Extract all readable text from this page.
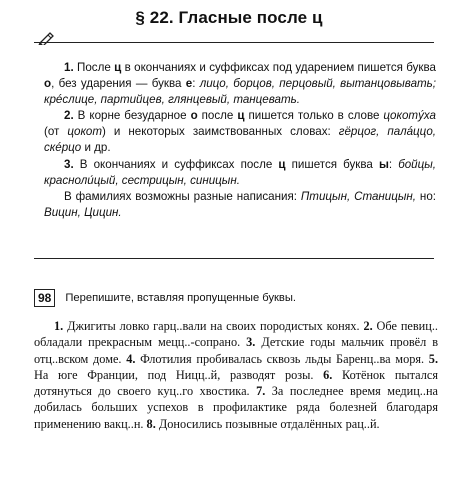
§ 22. Гласные после ц

1. После ц в окончаниях и суффиксах под ударением пишется буква о, без ударения — буква е: лицо, борцов, перцовый, вытанцовывать; крéслице, партийцев, глянцевый, танцевать.

2. В корне безударное о после ц пишется только в слове цокотýха (от цокот) и некоторых заимствованных словах: гёрцог, палáццо, скéрцо и др.

3. В окончаниях и суффиксах после ц пишется буква ы: бойцы, красноли́цый, сестрицын, синицын.

В фамилиях возможны разные написания: Птицын, Станицын, но: Вицин, Цицин.

98	Перепишите, вставляя пропущенные буквы.
1. Джигиты ловко гарц..вали на своих породистых конях. 2. Обе певиц.. обладали прекрасным мецц..-сопрано. 3. Детские годы мальчик провёл в отц..вском доме. 4. Флотилия пробивалась сквозь льды Баренц..ва моря. 5. На юге Франции, под Ницц..й, разводят розы. 6. Котёнок пытался дотянуться до своего куц..го хвостика. 7. За последнее время медиц..на добилась больших успехов в профилактике ряда болезней благодаря применению вакц..н. 8. Доносились позывные отдалённых рац..й.
